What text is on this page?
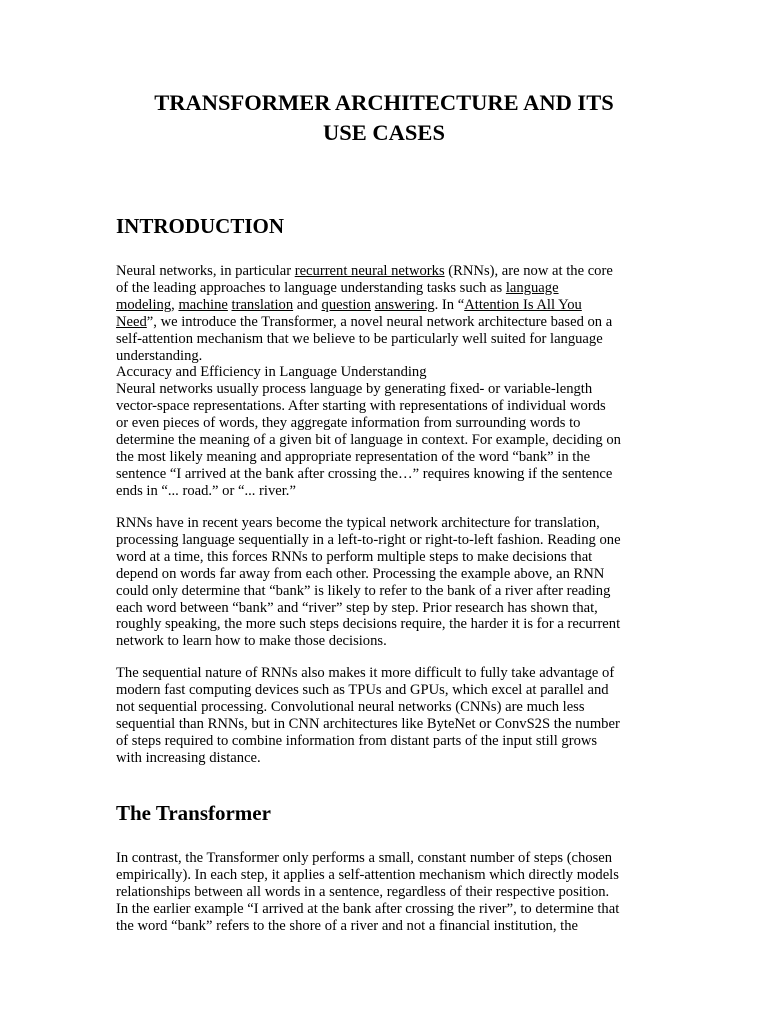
TRANSFORMER ARCHITECTURE AND ITS
USE CASES
INTRODUCTION
Neural networks, in particular recurrent neural networks (RNNs), are now at the core
of the leading approaches to language understanding tasks such as language
modeling, machine translation and question answering. In “Attention Is All You
Need”, we introduce the Transformer, a novel neural network architecture based on a
self-attention mechanism that we believe to be particularly well suited for language
understanding.
Accuracy and Efficiency in Language Understanding
Neural networks usually process language by generating fixed- or variable-length
vector-space representations. After starting with representations of individual words
or even pieces of words, they aggregate information from surrounding words to
determine the meaning of a given bit of language in context. For example, deciding on
the most likely meaning and appropriate representation of the word “bank” in the
sentence “I arrived at the bank after crossing the…” requires knowing if the sentence
ends in “... road.” or “... river.”
RNNs have in recent years become the typical network architecture for translation,
processing language sequentially in a left-to-right or right-to-left fashion. Reading one
word at a time, this forces RNNs to perform multiple steps to make decisions that
depend on words far away from each other. Processing the example above, an RNN
could only determine that “bank” is likely to refer to the bank of a river after reading
each word between “bank” and “river” step by step. Prior research has shown that,
roughly speaking, the more such steps decisions require, the harder it is for a recurrent
network to learn how to make those decisions.
The sequential nature of RNNs also makes it more difficult to fully take advantage of
modern fast computing devices such as TPUs and GPUs, which excel at parallel and
not sequential processing. Convolutional neural networks (CNNs) are much less
sequential than RNNs, but in CNN architectures like ByteNet or ConvS2S the number
of steps required to combine information from distant parts of the input still grows
with increasing distance.
The Transformer
In contrast, the Transformer only performs a small, constant number of steps (chosen
empirically). In each step, it applies a self-attention mechanism which directly models
relationships between all words in a sentence, regardless of their respective position.
In the earlier example “I arrived at the bank after crossing the river”, to determine that
the word “bank” refers to the shore of a river and not a financial institution, the
